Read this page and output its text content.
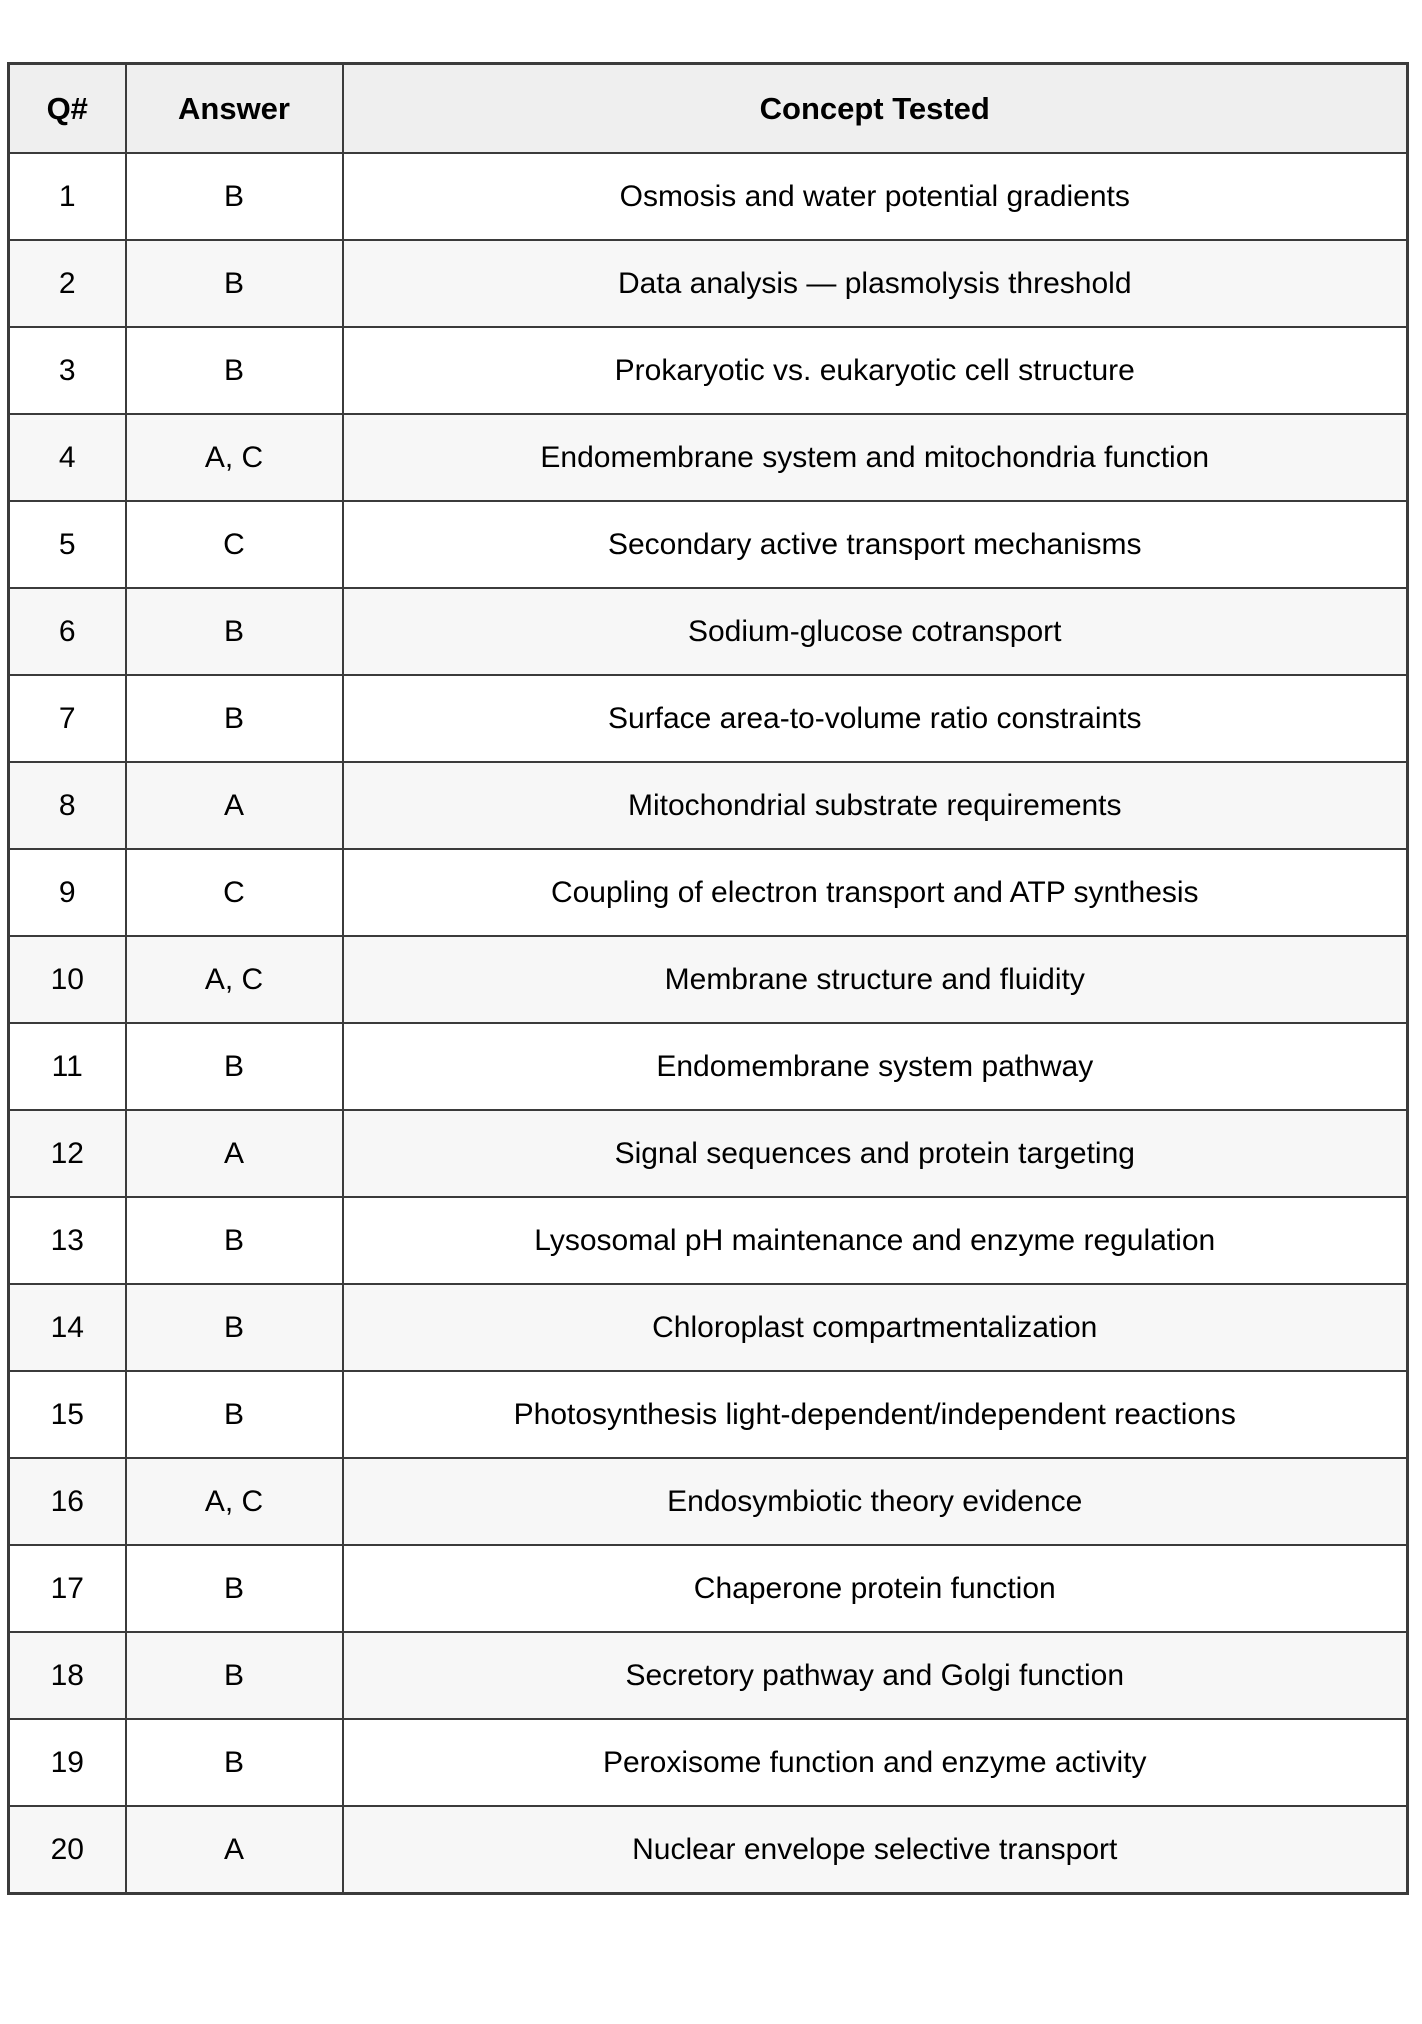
Q#	Answer	Concept Tested
1	B	Osmosis and water potential gradients
2	B	Data analysis — plasmolysis threshold
3	B	Prokaryotic vs. eukaryotic cell structure
4	A, C	Endomembrane system and mitochondria function
5	C	Secondary active transport mechanisms
6	B	Sodium-glucose cotransport
7	B	Surface area-to-volume ratio constraints
8	A	Mitochondrial substrate requirements
9	C	Coupling of electron transport and ATP synthesis
10	A, C	Membrane structure and fluidity
11	B	Endomembrane system pathway
12	A	Signal sequences and protein targeting
13	B	Lysosomal pH maintenance and enzyme regulation
14	B	Chloroplast compartmentalization
15	B	Photosynthesis light-dependent/independent reactions
16	A, C	Endosymbiotic theory evidence
17	B	Chaperone protein function
18	B	Secretory pathway and Golgi function
19	B	Peroxisome function and enzyme activity
20	A	Nuclear envelope selective transport
